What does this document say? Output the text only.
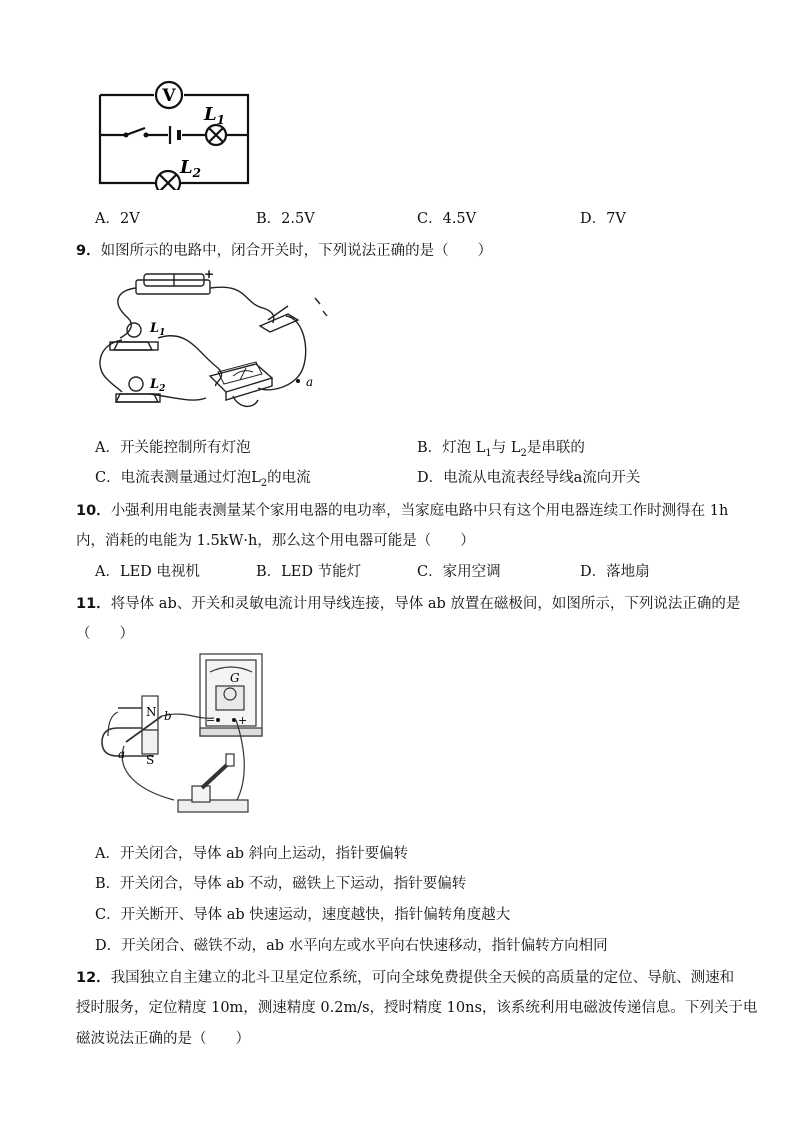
V
$L_1$
$L_2$
A．2V	B．2.5V	C．4.5V	D．7V
9．如图所示的电路中，闭合开关时，下列说法正确的是（　　）
+
$L_1$
$L_2$	a
A．开关能控制所有灯泡	B．灯泡 $L_1$与 $L_2$是串联的
C．电流表测量通过灯泡$L_2$的电流	D．电流从电流表经导线a流向开关
10．小强利用电能表测量某个家用电器的电功率，当家庭电路中只有这个用电器连续工作时测得在 1h
内，消耗的电能为 1.5kW·h，那么这个用电器可能是（　　）
A．LED 电视机	B．LED 节能灯	C．家用空调	D．落地扇
11．将导体 ab、开关和灵敏电流计用导线连接，导体 ab 放置在磁极间，如图所示，下列说法正确的是
（　　）
G
− +
N
S
b
a
A．开关闭合，导体 ab 斜向上运动，指针要偏转
B．开关闭合，导体 ab 不动，磁铁上下运动，指针要偏转
C．开关断开、导体 ab 快速运动，速度越快，指针偏转角度越大
D．开关闭合、磁铁不动，ab 水平向左或水平向右快速移动，指针偏转方向相同
12．我国独立自主建立的北斗卫星定位系统，可向全球免费提供全天候的高质量的定位、导航、测速和
授时服务，定位精度 10m，测速精度 0.2m/s，授时精度 10ns，该系统利用电磁波传递信息。下列关于电
磁波说法正确的是（　　）
